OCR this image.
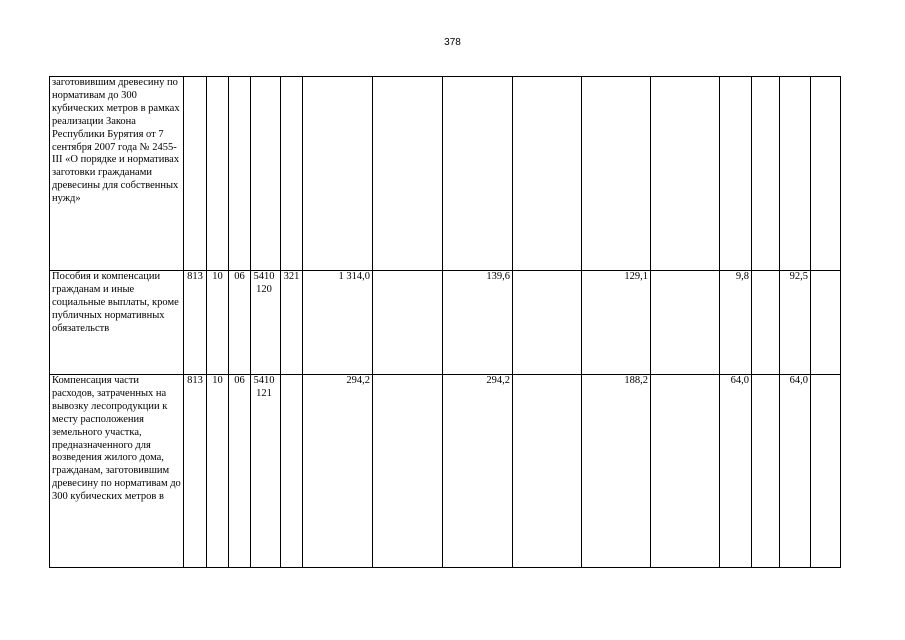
378
заготовившим древесину по нормативам до 300 кубических метров в рамках реализации Закона Республики Бурятия от 7 сентября 2007 года № 2455-III «О порядке и нормативах заготовки гражданами древесины для собственных нужд»				

Пособия и компенсации гражданам и иные социальные выплаты, кроме публичных нормативных обязательств	813	10	06	5410120	321	1 314,0		139,6		129,1		9,8		92,5	
Компенсация части расходов, затраченных на вывозку лесопродукции к месту расположения земельного участка, предназначенного для возведения жилого дома, гражданам, заготовившим древесину по нормативам до 300 кубических метров в	813	10	06	5410121		294,2		294,2		188,2		64,0		64,0	
